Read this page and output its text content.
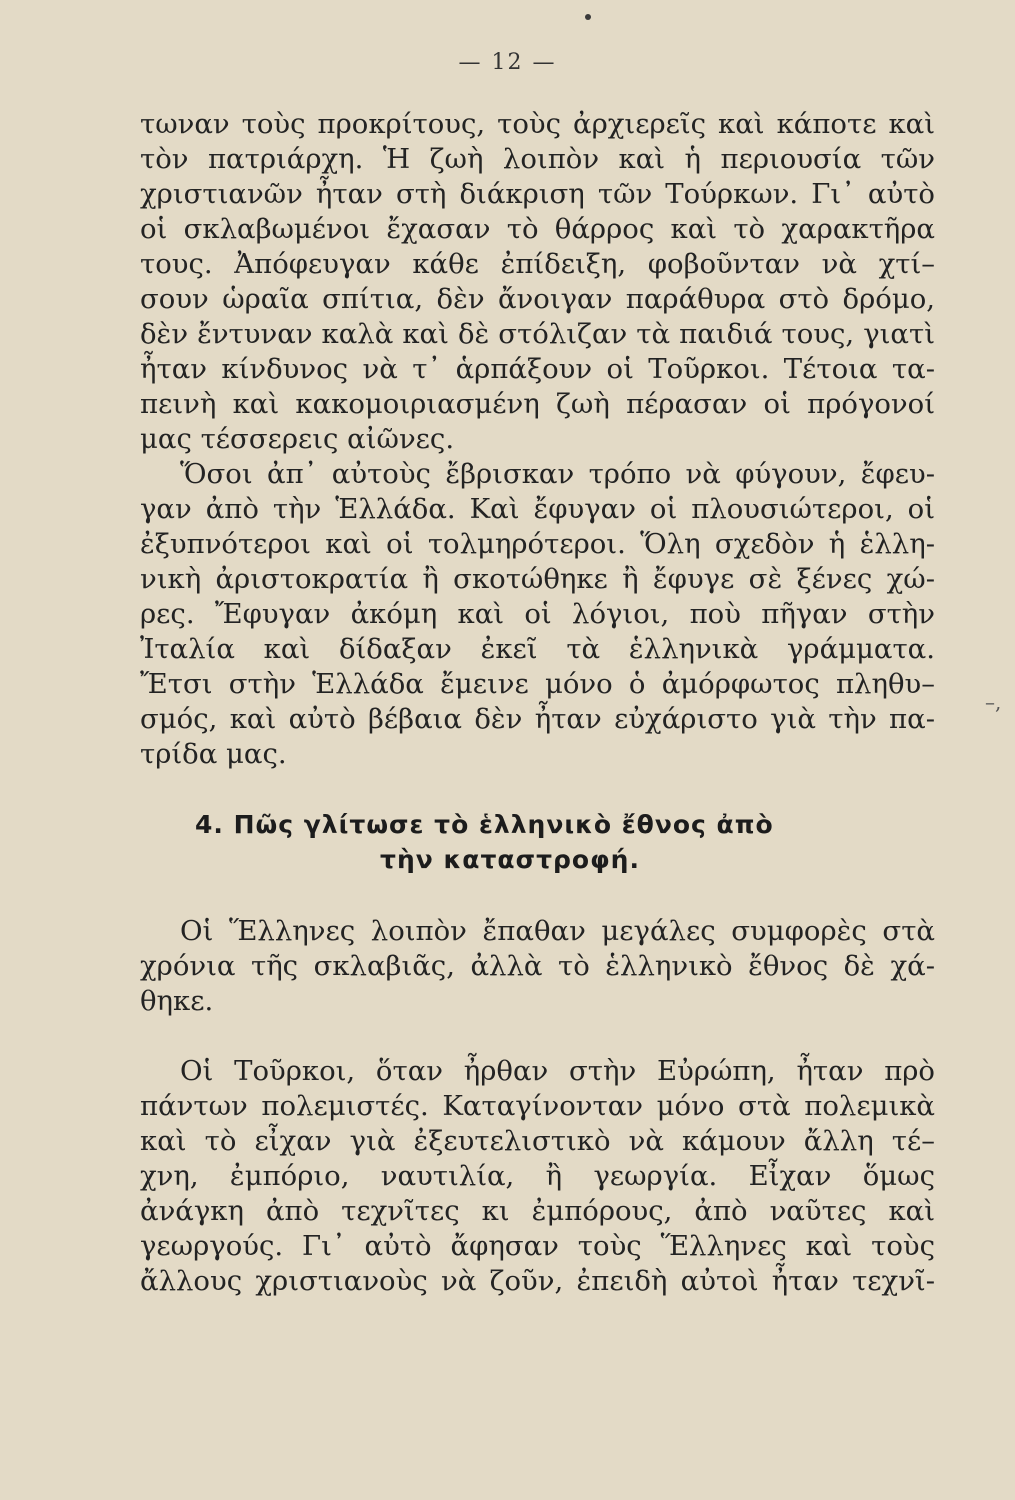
— 12 —
τωναν τοὺς προκρίτους, τοὺς ἀρχιερεῖς καὶ κάποτε καὶ
τὸν πατριάρχη. Ἡ ζωὴ λοιπὸν καὶ ἡ περιουσία τῶν
χριστιανῶν ἦταν στὴ διάκριση τῶν Τούρκων. Γι᾿ αὐτὸ
οἱ σκλαβωμένοι ἔχασαν τὸ θάρρος καὶ τὸ χαρακτῆρα
τους. Ἀπόφευγαν κάθε ἐπίδειξη, φοβοῦνταν νὰ χτί–
σουν ὡραῖα σπίτια, δὲν ἄνοιγαν παράθυρα στὸ δρόμο,
δὲν ἔντυναν καλὰ καὶ δὲ στόλιζαν τὰ παιδιά τους, γιατὶ
ἦταν κίνδυνος νὰ τ᾿ ἁρπάξουν οἱ Τοῦρκοι. Τέτοια τα-
πεινὴ καὶ κακομοιριασμένη ζωὴ πέρασαν οἱ πρόγονοί
μας τέσσερεις αἰῶνες.
Ὅσοι ἀπ᾿ αὐτοὺς ἔβρισκαν τρόπο νὰ φύγουν, ἔφευ-
γαν ἀπὸ τὴν Ἑλλάδα. Καὶ ἔφυγαν οἱ πλουσιώτεροι, οἱ
ἐξυπνότεροι καὶ οἱ τολμηρότεροι. Ὅλη σχεδὸν ἡ ἑλλη-
νικὴ ἀριστοκρατία ἢ σκοτώθηκε ἢ ἔφυγε σὲ ξένες χώ-
ρες. Ἔφυγαν ἀκόμη καὶ οἱ λόγιοι, ποὺ πῆγαν στὴν
Ἰταλία καὶ δίδαξαν ἐκεῖ τὰ ἑλληνικὰ γράμματα.
Ἔτσι στὴν Ἑλλάδα ἔμεινε μόνο ὁ ἀμόρφωτος πληθυ–
σμός, καὶ αὐτὸ βέβαια δὲν ἦταν εὐχάριστο γιὰ τὴν πα-
τρίδα μας.
–,
4. Πῶς γλίτωσε τὸ ἑλληνικὸ ἔθνος ἀπὸ
τὴν καταστροφή.
Οἱ Ἕλληνες λοιπὸν ἔπαθαν μεγάλες συμφορὲς στὰ
χρόνια τῆς σκλαβιᾶς, ἀλλὰ τὸ ἑλληνικὸ ἔθνος δὲ χά-
θηκε.
Οἱ Τοῦρκοι, ὅταν ἦρθαν στὴν Εὐρώπη, ἦταν πρὸ
πάντων πολεμιστές. Καταγίνονταν μόνο στὰ πολεμικὰ
καὶ τὸ εἶχαν γιὰ ἐξευτελιστικὸ νὰ κάμουν ἄλλη τέ–
χνη, ἐμπόριο, ναυτιλία, ἢ γεωργία. Εἶχαν ὅμως
ἀνάγκη ἀπὸ τεχνῖτες κι ἐμπόρους, ἀπὸ ναῦτες καὶ
γεωργούς. Γι᾿ αὐτὸ ἄφησαν τοὺς Ἕλληνες καὶ τοὺς
ἄλλους χριστιανοὺς νὰ ζοῦν, ἐπειδὴ αὐτοὶ ἦταν τεχνῖ-
